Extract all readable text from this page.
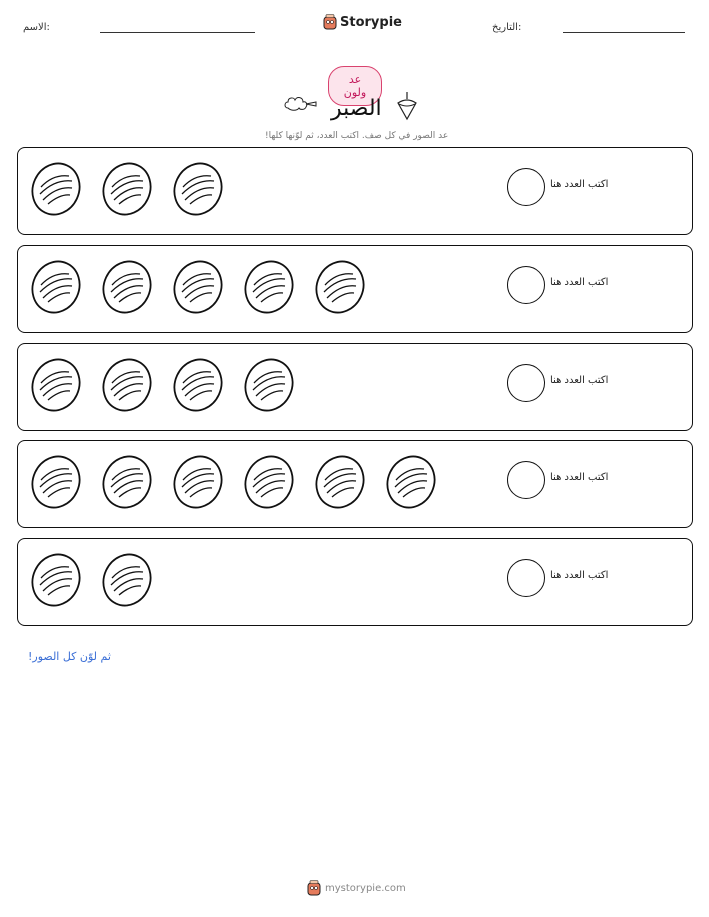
الاسم:	Storypie	التاريخ:
عد ولون
الصبر
عد الصور في كل صف. اكتب العدد، ثم لوّنها كلها!
اكتب العدد هنا
اكتب العدد هنا
اكتب العدد هنا
اكتب العدد هنا
اكتب العدد هنا
ثم لوّن كل الصور!
mystorypie.com
